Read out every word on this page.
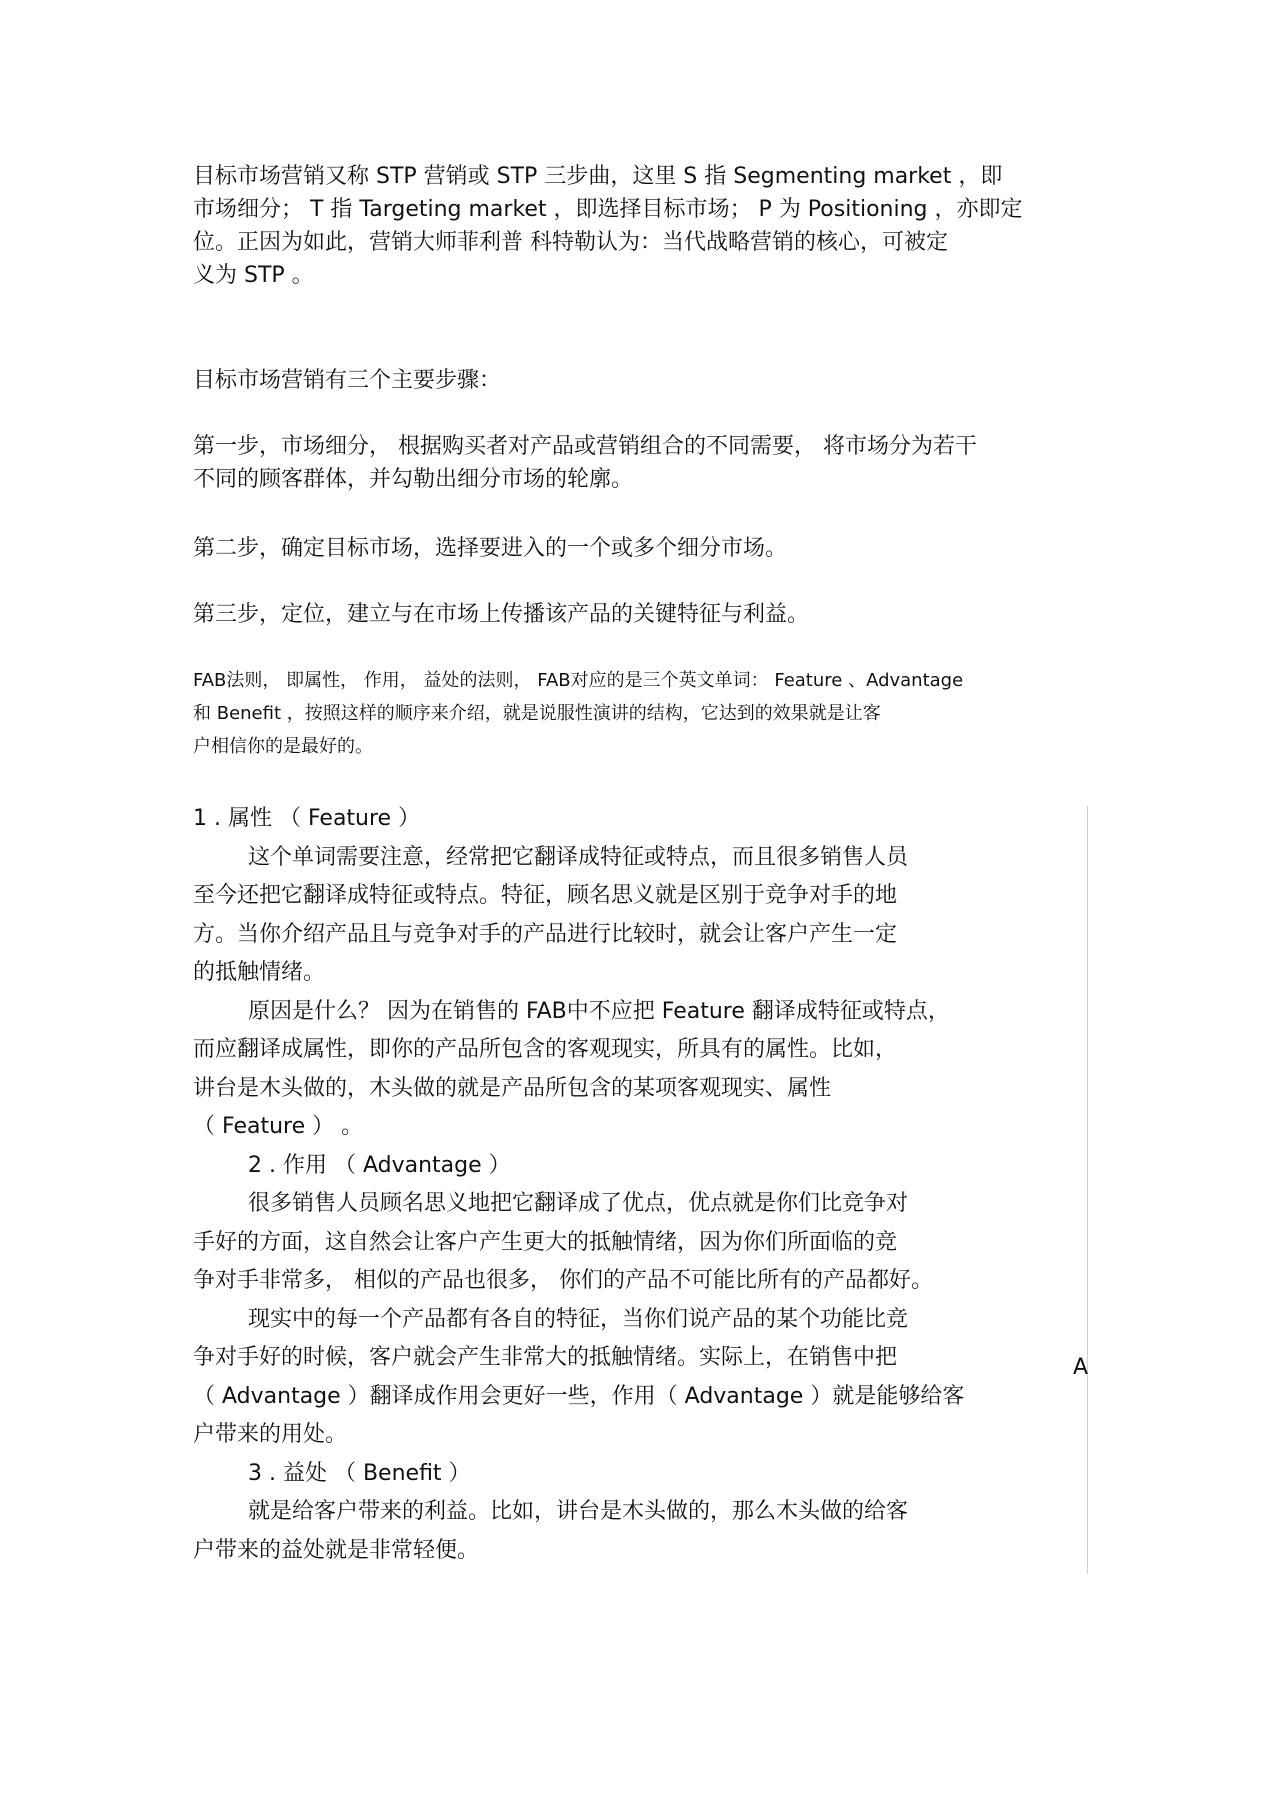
目标市场营销又称 STP 营销或 STP 三步曲，这里 S 指 Segmenting market ，即
市场细分； T 指 Targeting market ，即选择目标市场； P 为 Positioning ，亦即定
位。正因为如此，营销大师菲利普 科特勒认为：当代战略营销的核心，可被定
义为 STP 。

目标市场营销有三个主要步骤：

第一步，市场细分， 根据购买者对产品或营销组合的不同需要， 将市场分为若干
不同的顾客群体，并勾勒出细分市场的轮廓。

第二步，确定目标市场，选择要进入的一个或多个细分市场。

第三步，定位，建立与在市场上传播该产品的关键特征与利益。

FAB法则， 即属性， 作用， 益处的法则， FAB对应的是三个英文单词： Feature 、Advantage
和 Benefit ，按照这样的顺序来介绍，就是说服性演讲的结构，它达到的效果就是让客
户相信你的是最好的。

1 . 属性 （ Feature ）
这个单词需要注意，经常把它翻译成特征或特点，而且很多销售人员
至今还把它翻译成特征或特点。特征，顾名思义就是区别于竞争对手的地
方。当你介绍产品且与竞争对手的产品进行比较时，就会让客户产生一定
的抵触情绪。
原因是什么？ 因为在销售的 FAB中不应把 Feature 翻译成特征或特点，
而应翻译成属性，即你的产品所包含的客观现实，所具有的属性。比如，
讲台是木头做的，木头做的就是产品所包含的某项客观现实、属性
（ Feature ） 。
2 . 作用 （ Advantage ）
很多销售人员顾名思义地把它翻译成了优点，优点就是你们比竞争对
手好的方面，这自然会让客户产生更大的抵触情绪，因为你们所面临的竞
争对手非常多， 相似的产品也很多， 你们的产品不可能比所有的产品都好。
现实中的每一个产品都有各自的特征，当你们说产品的某个功能比竞
争对手好的时候，客户就会产生非常大的抵触情绪。实际上，在销售中把
（ Advantage ）翻译成作用会更好一些，作用（ Advantage ）就是能够给客
户带来的用处。
3 . 益处 （ Benefit ）
就是给客户带来的利益。比如，讲台是木头做的，那么木头做的给客
户带来的益处就是非常轻便。
A
